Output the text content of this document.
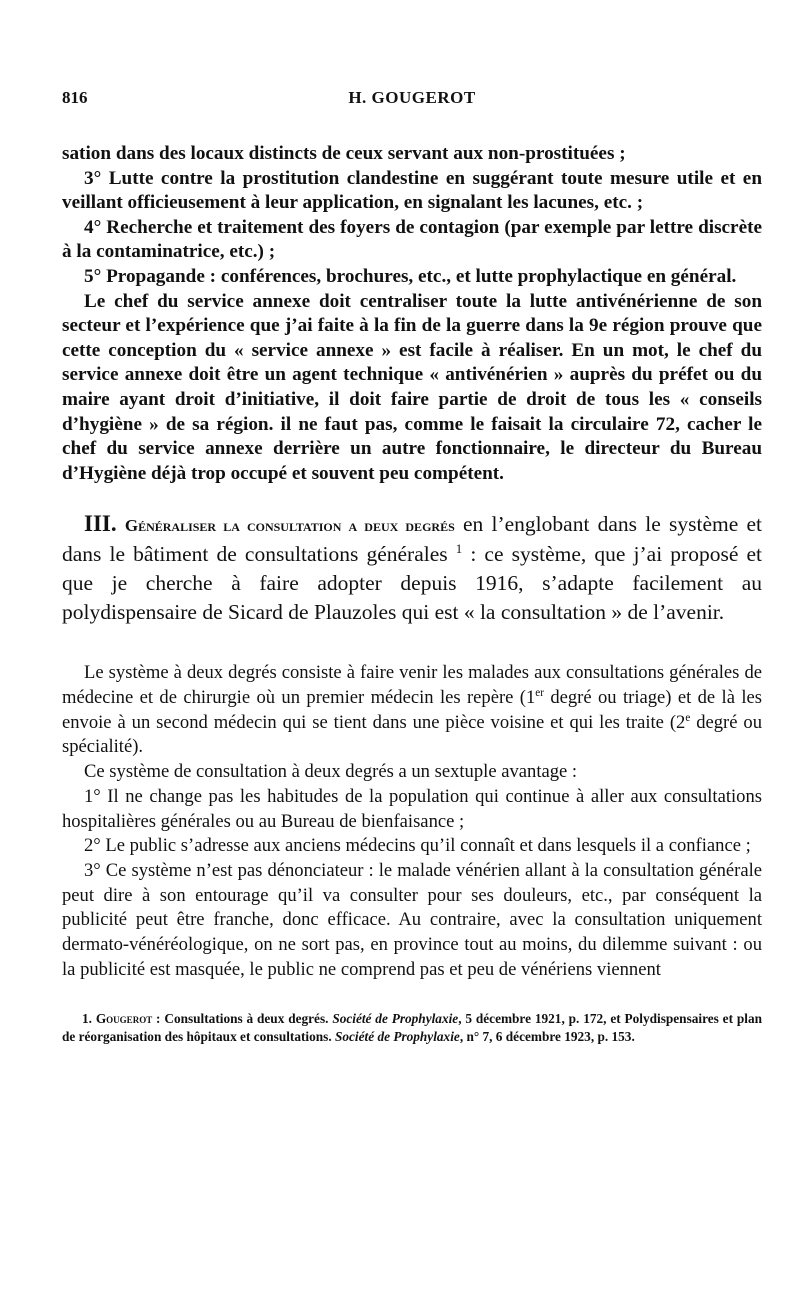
816	H. GOUGEROT

sation dans des locaux distincts de ceux servant aux non-prostituées ;

3° Lutte contre la prostitution clandestine en suggérant toute mesure utile et en veillant officieusement à leur application, en signalant les lacunes, etc. ;

4° Recherche et traitement des foyers de contagion (par exemple par lettre discrète à la contaminatrice, etc.) ;

5° Propagande : conférences, brochures, etc., et lutte prophylactique en général.

Le chef du service annexe doit centraliser toute la lutte antivénérienne de son secteur et l’expérience que j’ai faite à la fin de la guerre dans la 9e région prouve que cette conception du « service annexe » est facile à réaliser. En un mot, le chef du service annexe doit être un agent technique « antivénérien » auprès du préfet ou du maire ayant droit d’initiative, il doit faire partie de droit de tous les « conseils d’hygiène » de sa région. il ne faut pas, comme le faisait la circulaire 72, cacher le chef du service annexe derrière un autre fonctionnaire, le directeur du Bureau d’Hygiène déjà trop occupé et souvent peu compétent.

III. Généraliser la consultation a deux degrés en l’englobant dans le système et dans le bâtiment de consultations générales $^1$ : ce système, que j’ai proposé et que je cherche à faire adopter depuis 1916, s’adapte facilement au polydispensaire de Sicard de Plauzoles qui est « la consultation » de l’avenir.

Le système à deux degrés consiste à faire venir les malades aux consultations générales de médecine et de chirurgie où un premier médecin les repère (1er degré ou triage) et de là les envoie à un second médecin qui se tient dans une pièce voisine et qui les traite (2e degré ou spécialité).

Ce système de consultation à deux degrés a un sextuple avantage :

1° Il ne change pas les habitudes de la population qui continue à aller aux consultations hospitalières générales ou au Bureau de bienfaisance ;

2° Le public s’adresse aux anciens médecins qu’il connaît et dans lesquels il a confiance ;

3° Ce système n’est pas dénonciateur : le malade vénérien allant à la consultation générale peut dire à son entourage qu’il va consulter pour ses douleurs, etc., par conséquent la publicité peut être franche, donc efficace. Au contraire, avec la consultation uniquement dermato-vénéréologique, on ne sort pas, en province tout au moins, du dilemme suivant : ou la publicité est masquée, le public ne comprend pas et peu de vénériens viennent

1. Gougerot : Consultations à deux degrés. Société de Prophylaxie, 5 décembre 1921, p. 172, et Polydispensaires et plan de réorganisation des hôpitaux et consultations. Société de Prophylaxie, n° 7, 6 décembre 1923, p. 153.
